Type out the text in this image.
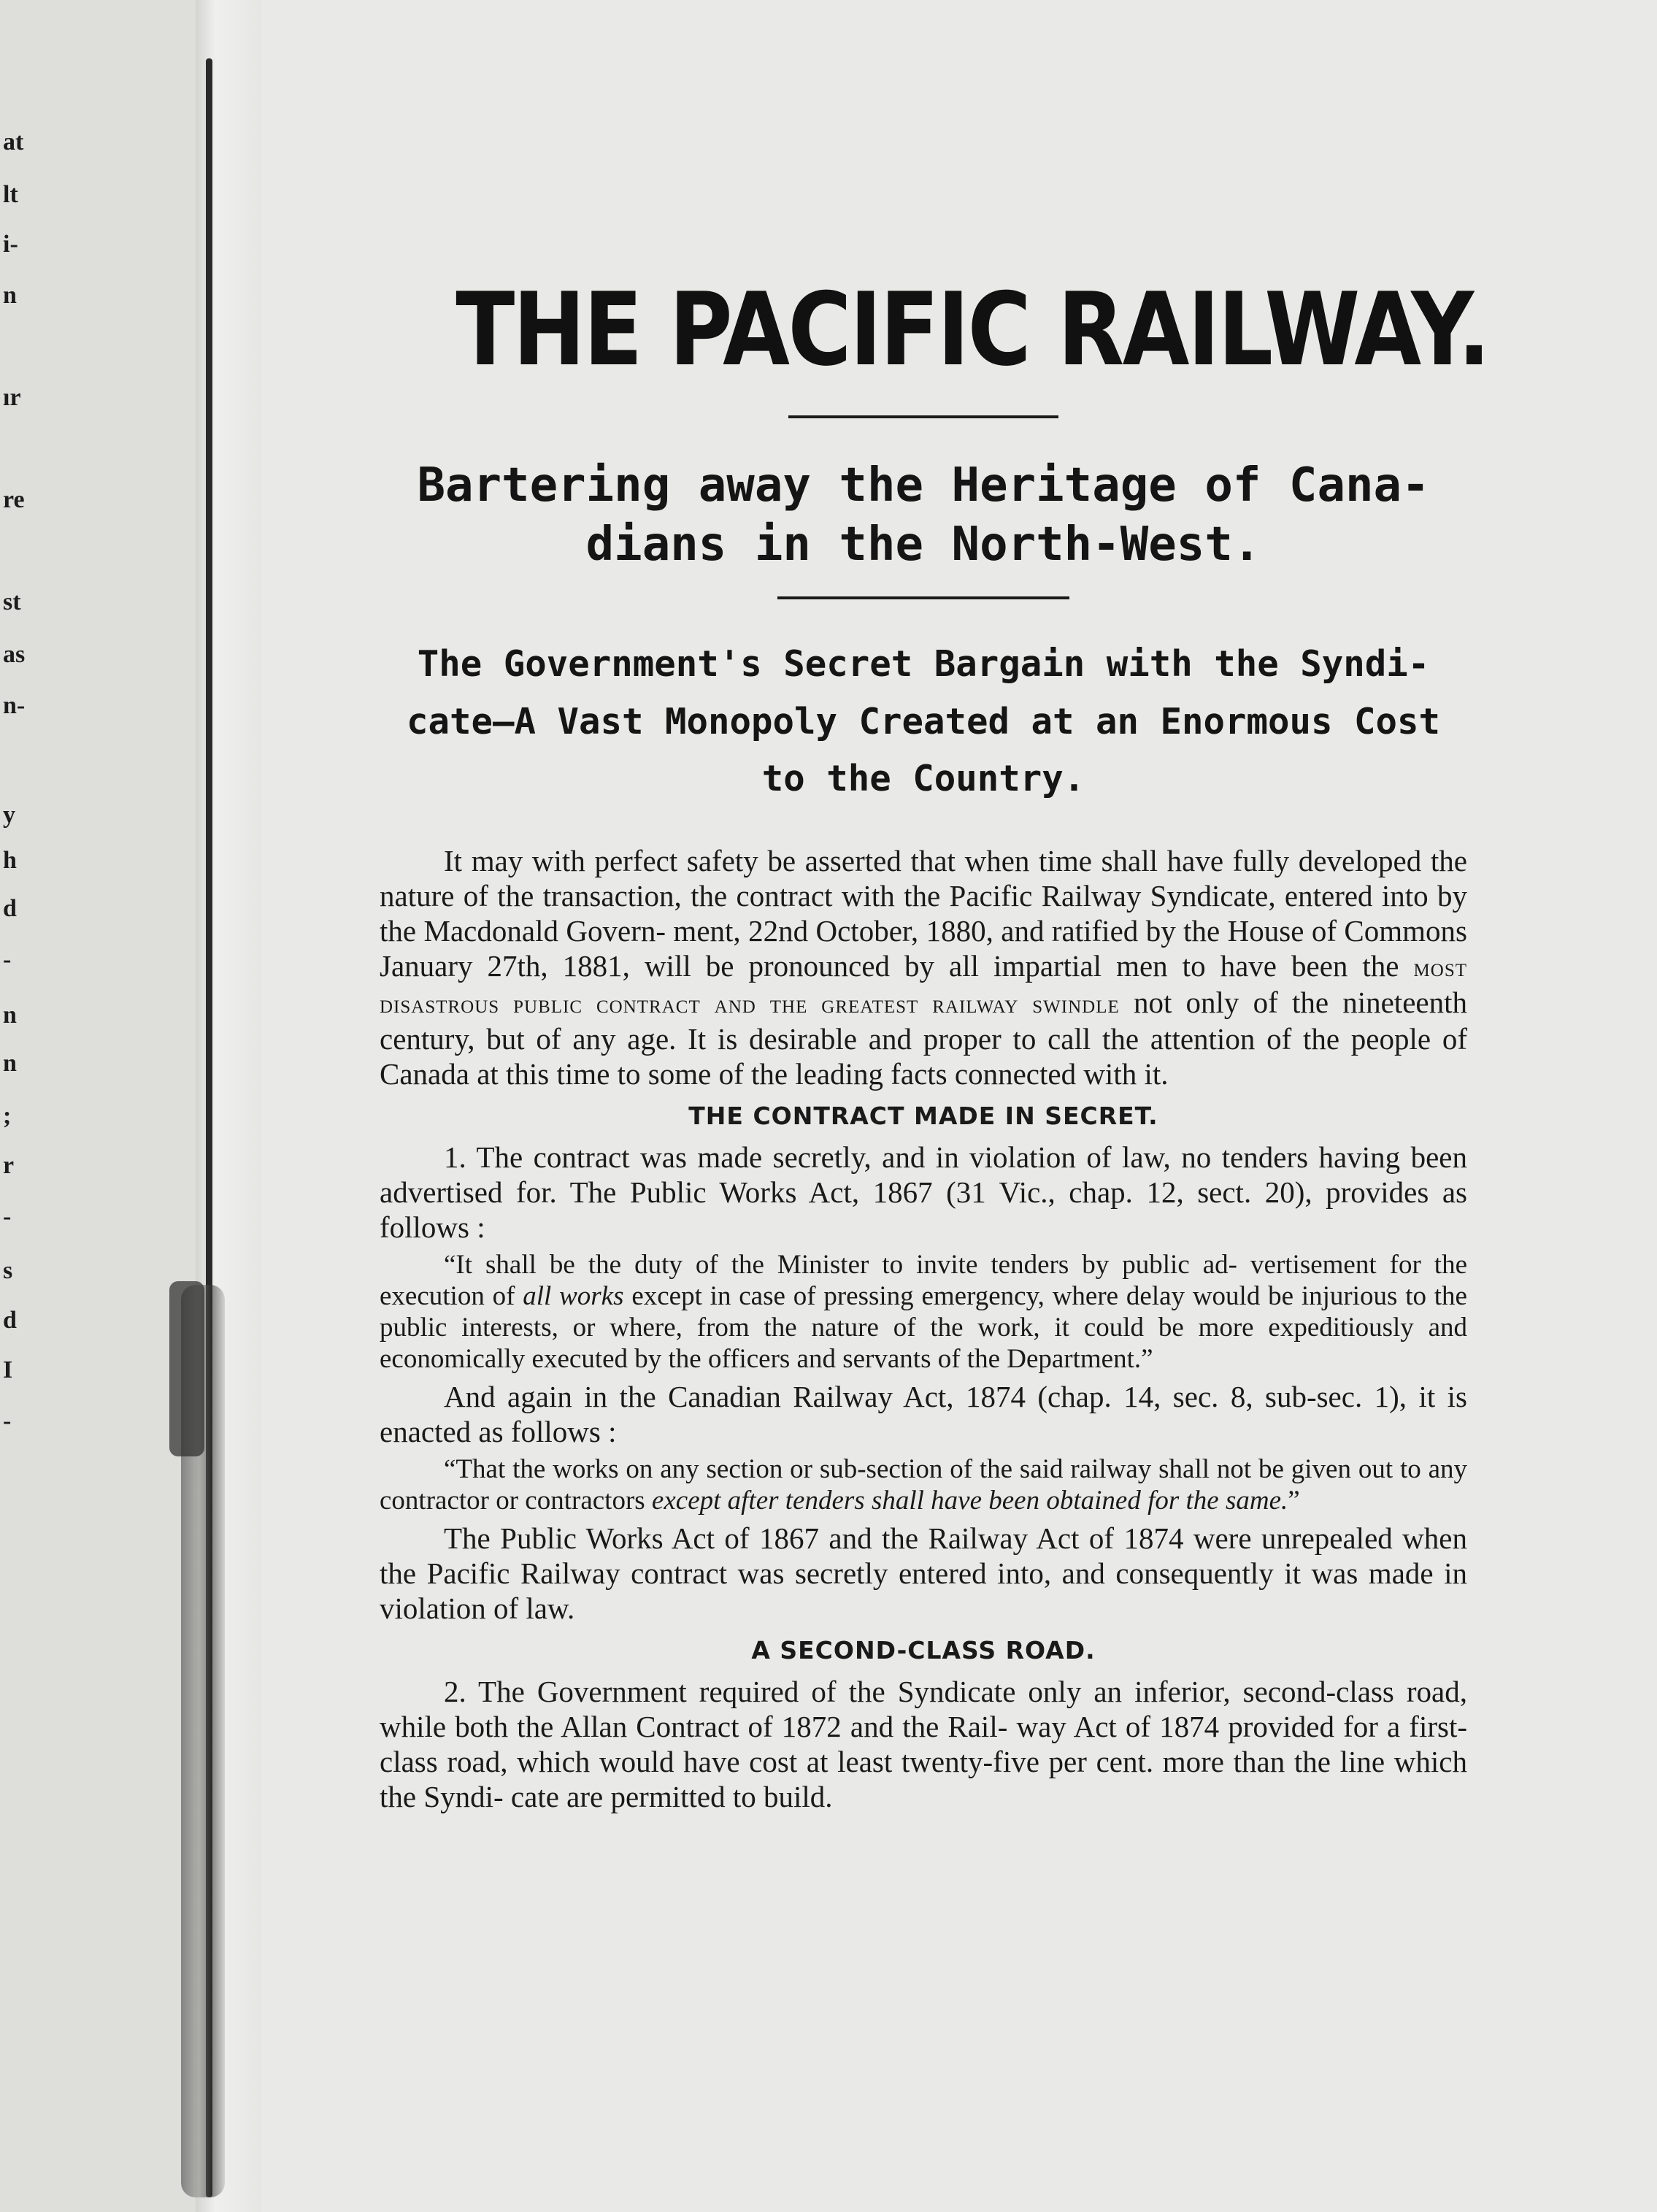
at
lt
i-
n
ır
re
st
as
n-
y
h
d
-
n
n
;
r
-
s
d
I
-
THE PACIFIC RAILWAY.
Bartering away the Heritage of Cana- dians in the North-West.
The Government's Secret Bargain with the Syndi- cate—A Vast Monopoly Created at an Enormous Cost to the Country.

It may with perfect safety be asserted that when time shall have fully developed the nature of the transaction, the contract with the Pacific Railway Syndicate, entered into by the Macdonald Govern- ment, 22nd October, 1880, and ratified by the House of Commons January 27th, 1881, will be pronounced by all impartial men to have been the most disastrous public contract and the greatest railway swindle not only of the nineteenth century, but of any age. It is desirable and proper to call the attention of the people of Canada at this time to some of the leading facts connected with it.

THE CONTRACT MADE IN SECRET.

1. The contract was made secretly, and in violation of law, no tenders having been advertised for. The Public Works Act, 1867 (31 Vic., chap. 12, sect. 20), provides as follows :

“It shall be the duty of the Minister to invite tenders by public ad- vertisement for the execution of all works except in case of pressing emergency, where delay would be injurious to the public interests, or where, from the nature of the work, it could be more expeditiously and economically executed by the officers and servants of the Department.”

And again in the Canadian Railway Act, 1874 (chap. 14, sec. 8, sub-sec. 1), it is enacted as follows :

“That the works on any section or sub-section of the said railway shall not be given out to any contractor or contractors except after tenders shall have been obtained for the same.”

The Public Works Act of 1867 and the Railway Act of 1874 were unrepealed when the Pacific Railway contract was secretly entered into, and consequently it was made in violation of law.

A SECOND-CLASS ROAD.

2. The Government required of the Syndicate only an inferior, second-class road, while both the Allan Contract of 1872 and the Rail- way Act of 1874 provided for a first-class road, which would have cost at least twenty-five per cent. more than the line which the Syndi- cate are permitted to build.
